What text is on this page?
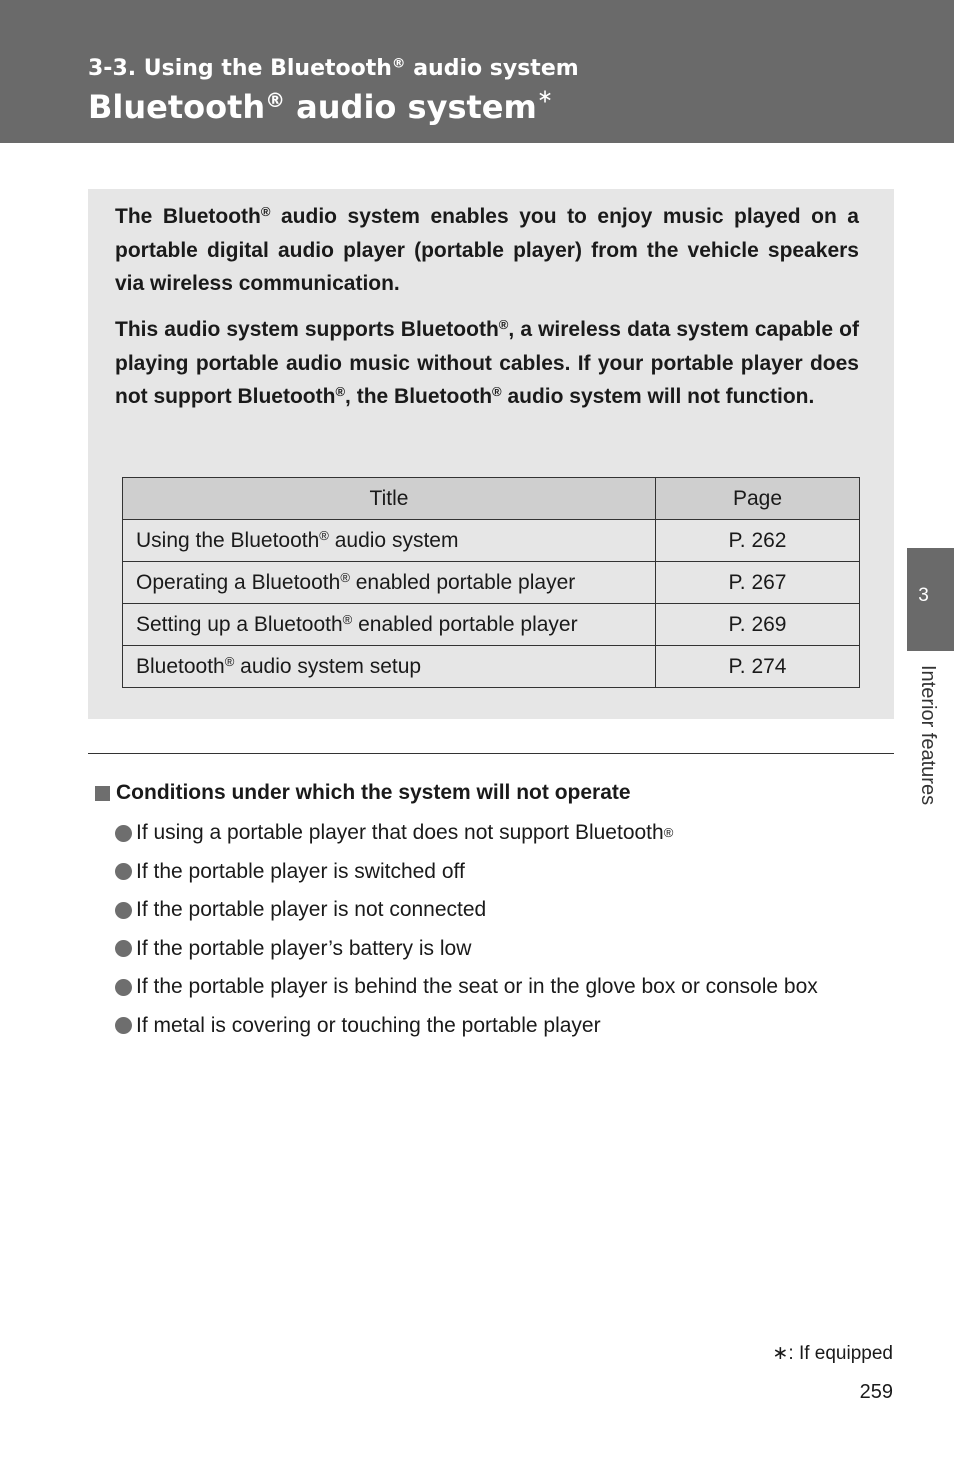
3-3. Using the Bluetooth® audio system
Bluetooth® audio system∗

The Bluetooth® audio system enables you to enjoy music played on a portable digital audio player (portable player) from the vehicle speakers via wireless communication.

This audio system supports Bluetooth®, a wireless data system capable of playing portable audio music without cables. If your portable player does not support Bluetooth®, the Bluetooth® audio system will not function.

Title	Page
Using the Bluetooth® audio system	P. 262
Operating a Bluetooth® enabled portable player	P. 267
Setting up a Bluetooth® enabled portable player	P. 269
Bluetooth® audio system setup	P. 274
Conditions under which the system will not operate
If using a portable player that does not support Bluetooth ®
If the portable player is switched off
If the portable player is not connected
If the portable player’s battery is low
If the portable player is behind the seat or in the glove box or console box
If metal is covering or touching the portable player
3
Interior features
∗: If equipped
259
